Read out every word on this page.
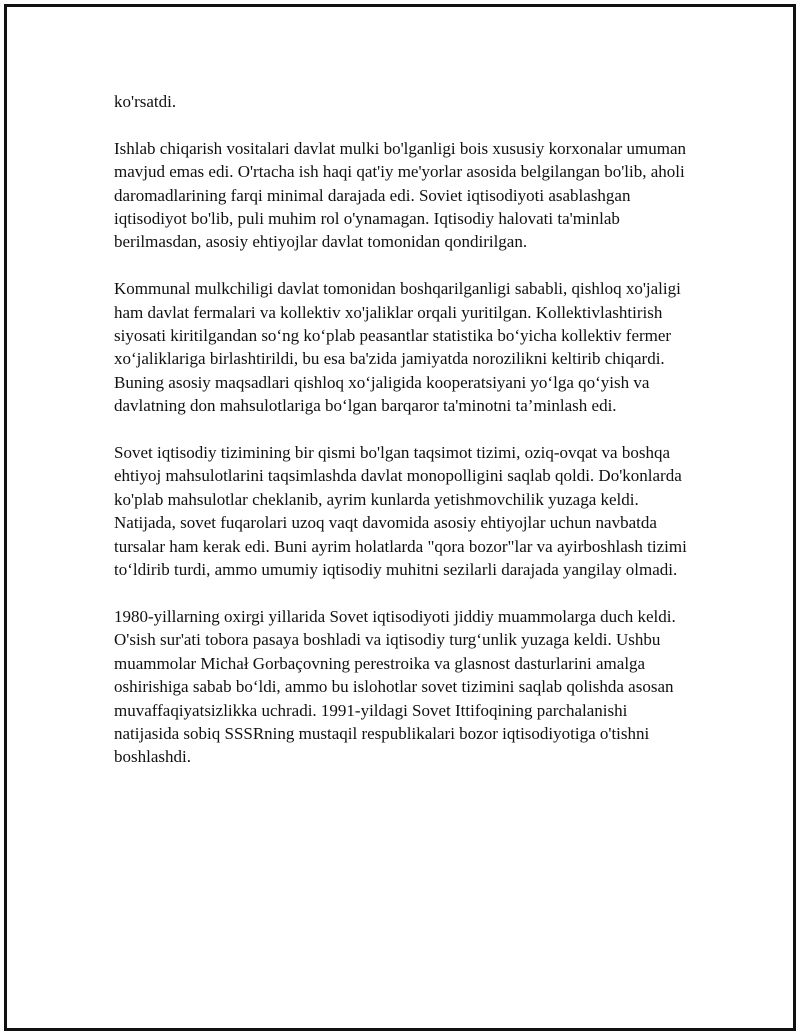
ko'rsatdi.

Ishlab chiqarish vositalari davlat mulki bo'lganligi bois xususiy korxonalar umuman mavjud emas edi. O'rtacha ish haqi qat'iy me'yorlar asosida belgilangan bo'lib, aholi daromadlarining farqi minimal darajada edi. Soviet iqtisodiyoti asablashgan iqtisodiyot bo'lib, puli muhim rol o'ynamagan. Iqtisodiy halovati ta'minlab berilmasdan, asosiy ehtiyojlar davlat tomonidan qondirilgan.

Kommunal mulkchiligi davlat tomonidan boshqarilganligi sababli, qishloq xo'jaligi ham davlat fermalari va kollektiv xo'jaliklar orqali yuritilgan. Kollektivlashtirish siyosati kiritilgandan so‘ng ko‘plab peasantlar statistika bo‘yicha kollektiv fermer xo‘jaliklariga birlashtirildi, bu esa ba'zida jamiyatda norozilikni keltirib chiqardi. Buning asosiy maqsadlari qishloq xo‘jaligida kooperatsiyani yo‘lga qo‘yish va davlatning don mahsulotlariga bo‘lgan barqaror ta'minotni ta’minlash edi.

Sovet iqtisodiy tizimining bir qismi bo'lgan taqsimot tizimi, oziq-ovqat va boshqa ehtiyoj mahsulotlarini taqsimlashda davlat monopolligini saqlab qoldi. Do'konlarda ko'plab mahsulotlar cheklanib, ayrim kunlarda yetishmovchilik yuzaga keldi. Natijada, sovet fuqarolari uzoq vaqt davomida asosiy ehtiyojlar uchun navbatda tursalar ham kerak edi. Buni ayrim holatlarda "qora bozor"lar va ayirboshlash tizimi to‘ldirib turdi, ammo umumiy iqtisodiy muhitni sezilarli darajada yangilay olmadi.

1980-yillarning oxirgi yillarida Sovet iqtisodiyoti jiddiy muammolarga duch keldi. O'sish sur'ati tobora pasaya boshladi va iqtisodiy turg‘unlik yuzaga keldi. Ushbu muammolar Michał Gorbaçovning perestroika va glasnost dasturlarini amalga oshirishiga sabab bo‘ldi, ammo bu islohotlar sovet tizimini saqlab qolishda asosan muvaffaqiyatsizlikka uchradi. 1991-yildagi Sovet Ittifoqining parchalanishi natijasida sobiq SSSRning mustaqil respublikalari bozor iqtisodiyotiga o'tishni boshlashdi.
